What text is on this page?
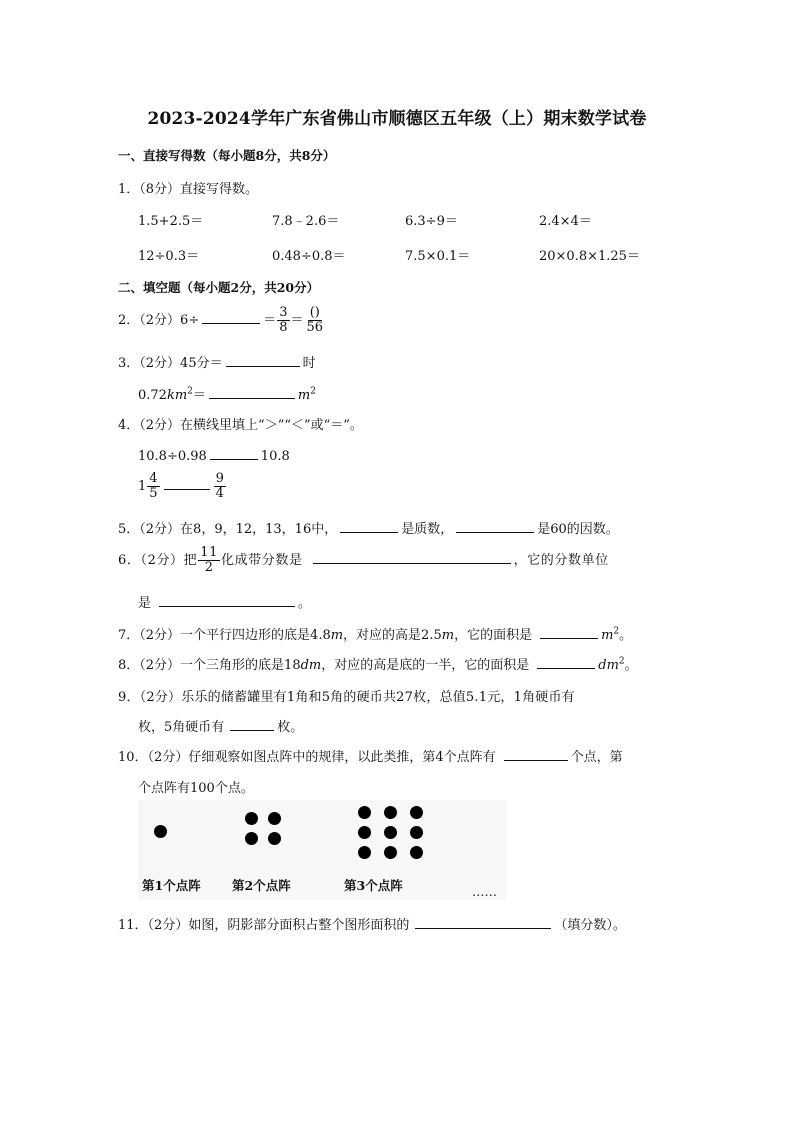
2023-2024学年广东省佛山市顺德区五年级（上）期末数学试卷
一、直接写得数（每小题8分，共8分）
1．（8分）直接写得数。
1.5+2.5＝	7.8﹣2.6＝	6.3÷9＝	2.4×4＝
12÷0.3＝	0.48÷0.8＝	7.5×0.1＝	20×0.8×1.25＝
二、填空题（每小题2分，共20分）
2．（2分）6÷	＝ $\frac{3}{8} = \frac{()}{56}$
3．（2分）45分＝	时
$0.72km^2=$	$m^2$
4．（2分）在横线里填上“＞”“＜”或“＝”。
10.8÷0.98	10.8
$1 \frac{4}{5}$	$\frac{9}{4}$
5．（2分）在8，9，12，13，16中，	是质数，	是60的因数。
6．（2分）把 $\frac{11}{2}$ 化成带分数是	，它的分数单位
是	。
7．（2分）一个平行四边形的底是4.8m，对应的高是2.5m，它的面积是	$m^2$。
8．（2分）一个三角形的底是18dm，对应的高是底的一半，它的面积是	$dm^2$。
9．（2分）乐乐的储蓄罐里有1角和5角的硬币共27枚，总值5.1元，1角硬币有
枚，5角硬币有	枚。
10．（2分）仔细观察如图点阵中的规律，以此类推，第4个点阵有	个点，第
个点阵有100个点。
第1个点阵	第2个点阵	第3个点阵	……
11．（2分）如图，阴影部分面积占整个图形面积的	（填分数）。
